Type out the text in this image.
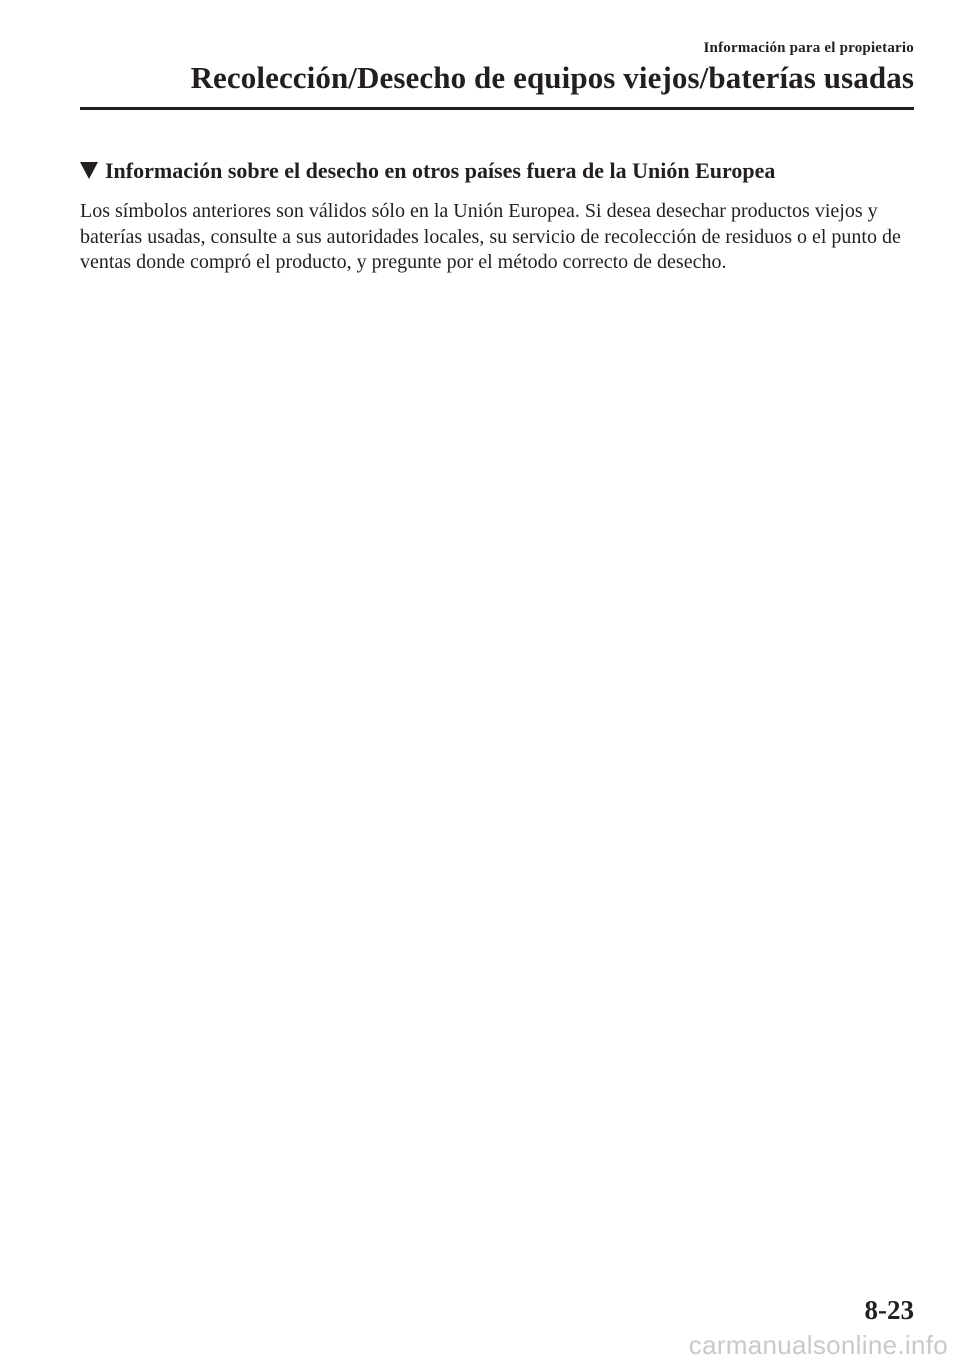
Información para el propietario
Recolección/Desecho de equipos viejos/baterías usadas
Información sobre el desecho en otros países fuera de la Unión Europea

Los símbolos anteriores son válidos sólo en la Unión Europea. Si desea desechar productos viejos y baterías usadas, consulte a sus autoridades locales, su servicio de recolección de residuos o el punto de ventas donde compró el producto, y pregunte por el método correcto de desecho.

8-23
carmanualsonline.info
